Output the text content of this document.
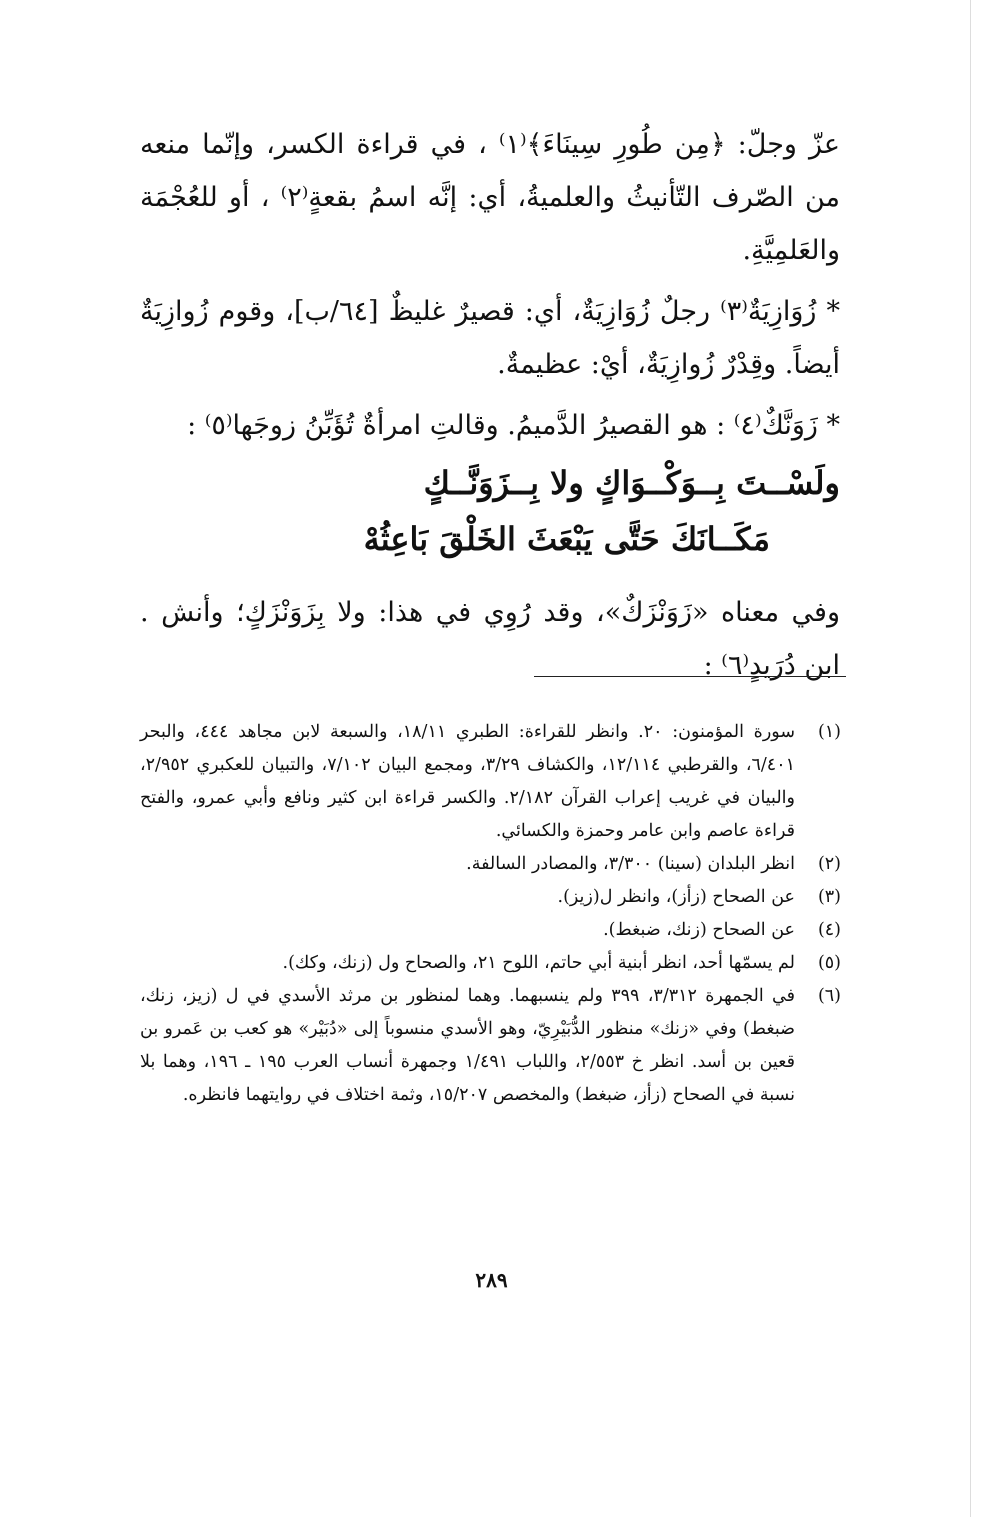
عزّ وجلّ: ﴿مِن طُورِ سِينَاءَ﴾⁽١⁾ ، في قراءة الكسر، وإنّما منعه من الصّرف التّأنيثُ والعلميةُ، أي: إنَّه اسمُ بقعةٍ⁽٢⁾ ، أو للعُجْمَة والعَلمِيَّةِ.

* زُوَازِيَةٌ⁽٣⁾ رجلٌ زُوَازِيَةٌ، أي: قصيرٌ غليظٌ [٦٤/ب]، وقوم زُوازِيَةٌ أيضاً. وقِدْرٌ زُوازِيَةٌ، أيْ: عظيمةٌ.

* زَوَنَّكٌ⁽٤⁾ : هو القصيرُ الدَّميمُ. وقالتِ امرأةٌ تُؤَبِّنُ زوجَها⁽٥⁾ :

ولَسْــتَ بِــوَكْــوَاكٍ ولا بِــزَوَنَّــكٍ

مَكَــانَكَ حَتَّى يَبْعَثَ الخَلْقَ بَاعِثُهْ

وفي معناه «زَوَنْزَكٌ»، وقد رُوِي في هذا: ولا بِزَوَنْزَكٍ؛ وأنش . ابن دُرَيدٍ⁽٦⁾ :

(١)
سورة المؤمنون: ٢٠. وانظر للقراءة: الطبري ١٨/١١، والسبعة لابن مجاهد ٤٤٤، والبحر ٦/٤٠١، والقرطبي ١٢/١١٤، والكشاف ٣/٢٩، ومجمع البيان ٧/١٠٢، والتبيان للعكبري ٢/٩٥٢، والبيان في غريب إعراب القرآن ٢/١٨٢. والكسر قراءة ابن كثير ونافع وأبي عمرو، والفتح قراءة عاصم وابن عامر وحمزة والكسائي.
(٢)
انظر البلدان (سينا) ٣/٣٠٠، والمصادر السالفة.
(٣)
عن الصحاح (زأز)، وانظر ل(زيز).
(٤)
عن الصحاح (زنك، ضبغط).
(٥)
لم يسمّها أحد، انظر أبنية أبي حاتم، اللوح ٢١، والصحاح ول (زنك، وكك).
(٦)
في الجمهرة ٣/٣١٢، ٣٩٩ ولم ينسبهما. وهما لمنظور بن مرثد الأسدي في ل (زيز، زنك، ضبغط) وفي «زنك» منظور الدُّبَيْرِيّ، وهو الأسدي منسوباً إلى «دُبَيْر» هو كعب بن عَمرو بن قعين بن أسد. انظر خ ٢/٥٥٣، واللباب ١/٤٩١ وجمهرة أنساب العرب ١٩٥ ـ ١٩٦، وهما بلا نسبة في الصحاح (زأز، ضبغط) والمخصص ١٥/٢٠٧، وثمة اختلاف في روايتهما فانظره.
٢٨٩
